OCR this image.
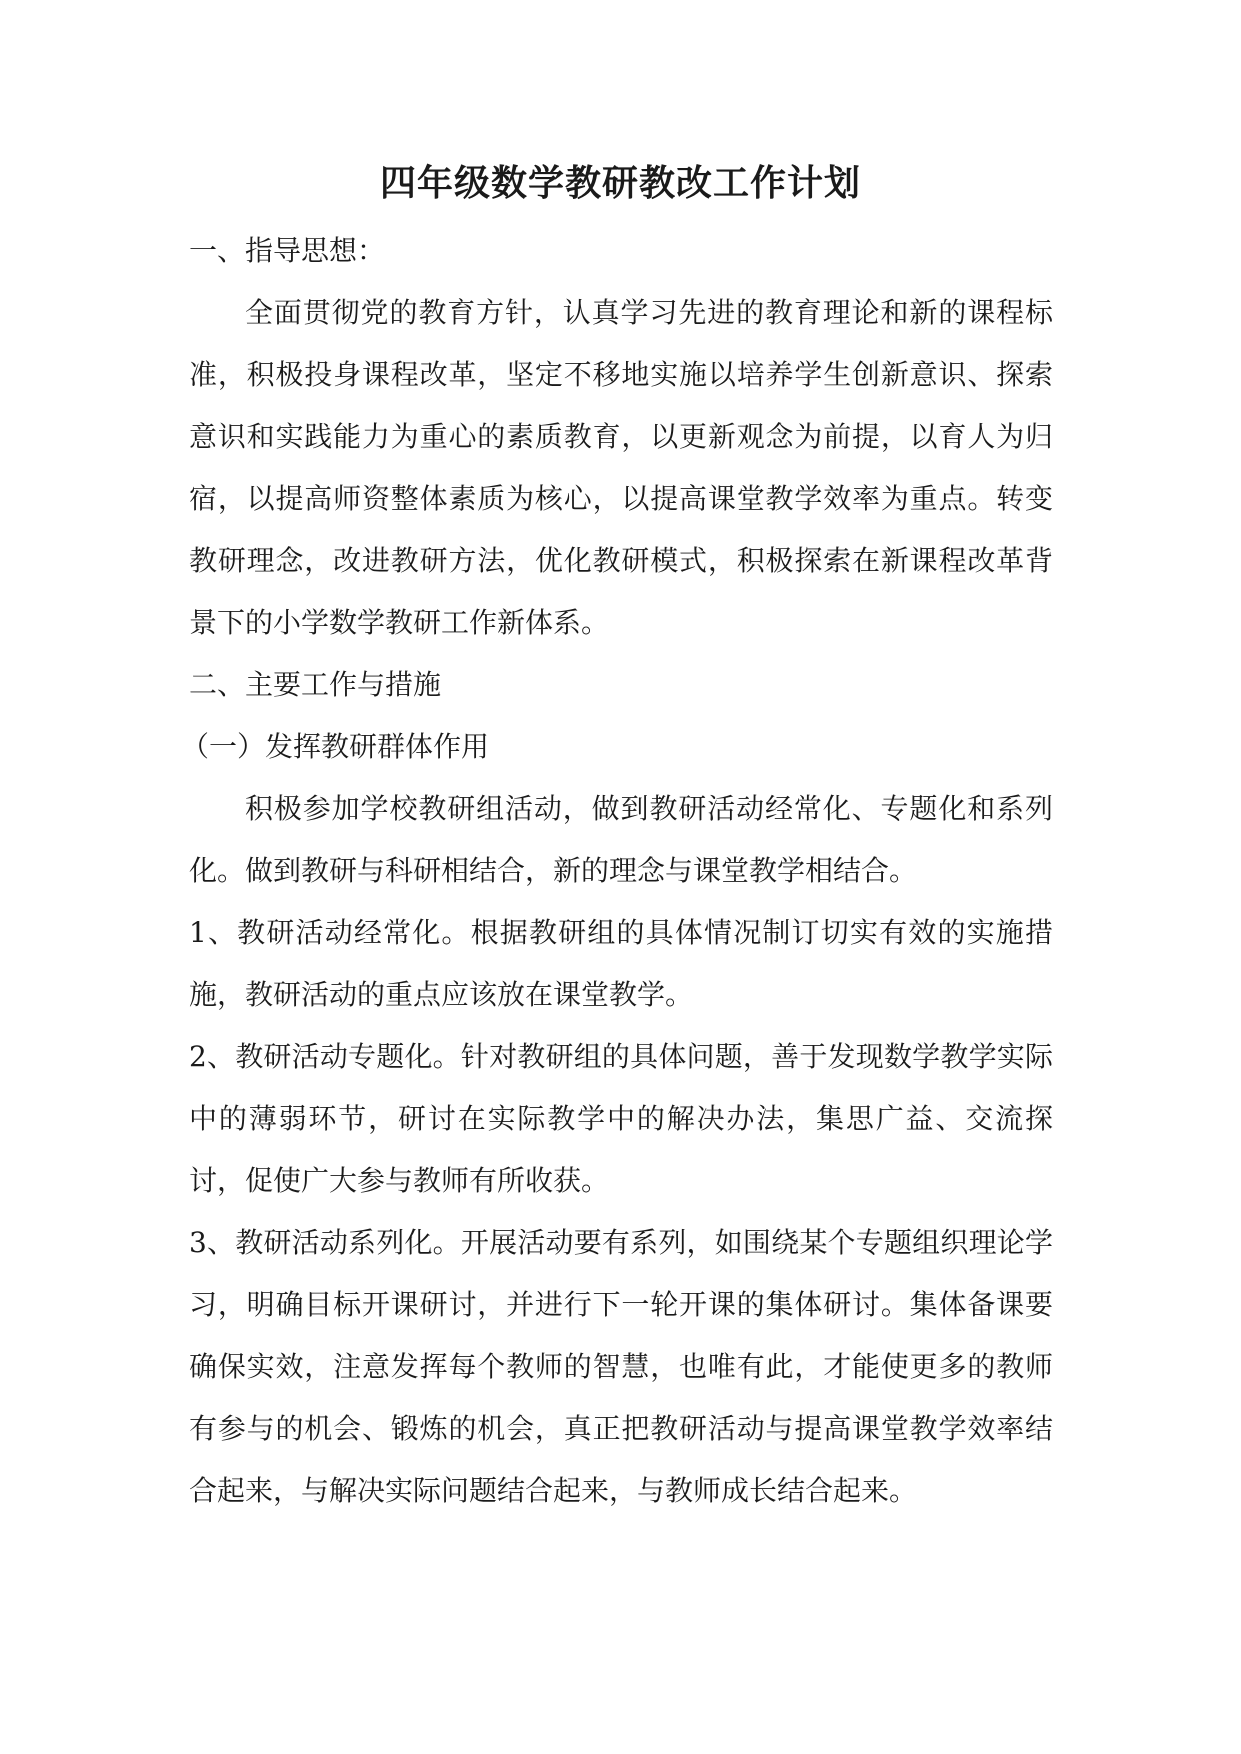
四年级数学教研教改工作计划

一、指导思想：

全面贯彻党的教育方针，认真学习先进的教育理论和新的课程标准，积极投身课程改革，坚定不移地实施以培养学生创新意识、探索意识和实践能力为重心的素质教育，以更新观念为前提，以育人为归宿，以提高师资整体素质为核心，以提高课堂教学效率为重点。转变教研理念，改进教研方法，优化教研模式，积极探索在新课程改革背景下的小学数学教研工作新体系。

二、主要工作与措施

（一）发挥教研群体作用

积极参加学校教研组活动，做到教研活动经常化、专题化和系列化。做到教研与科研相结合，新的理念与课堂教学相结合。

1、教研活动经常化。根据教研组的具体情况制订切实有效的实施措施，教研活动的重点应该放在课堂教学。

2、教研活动专题化。针对教研组的具体问题，善于发现数学教学实际中的薄弱环节，研讨在实际教学中的解决办法，集思广益、交流探讨，促使广大参与教师有所收获。

3、教研活动系列化。开展活动要有系列，如围绕某个专题组织理论学习，明确目标开课研讨，并进行下一轮开课的集体研讨。集体备课要确保实效，注意发挥每个教师的智慧，也唯有此，才能使更多的教师有参与的机会、锻炼的机会，真正把教研活动与提高课堂教学效率结合起来，与解决实际问题结合起来，与教师成长结合起来。
